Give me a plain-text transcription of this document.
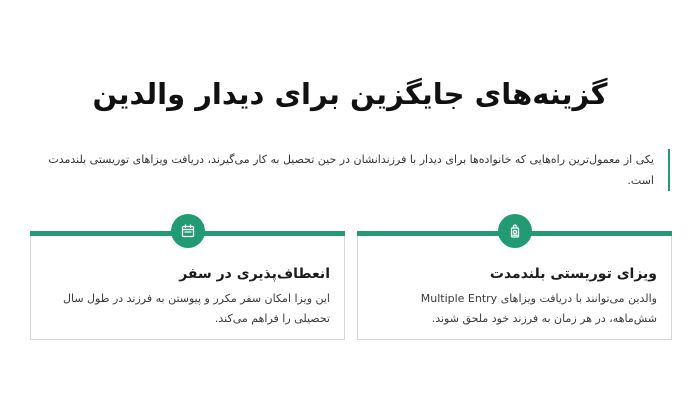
گزینه‌های جایگزین برای دیدار والدین

یکی از معمول‌ترین راه‌هایی که خانواده‌ها برای دیدار با فرزندانشان در حین تحصیل به کار می‌گیرند، دریافت ویزاهای توریستی بلندمدت است.

ویزای توریستی بلندمدت
والدین می‌توانند با دریافت ویزاهای Multiple Entry شش‌ماهه، در هر زمان به فرزند خود ملحق شوند.
انعطاف‌پذیری در سفر
این ویزا امکان سفر مکرر و پیوستن به فرزند در طول سال تحصیلی را فراهم می‌کند.
